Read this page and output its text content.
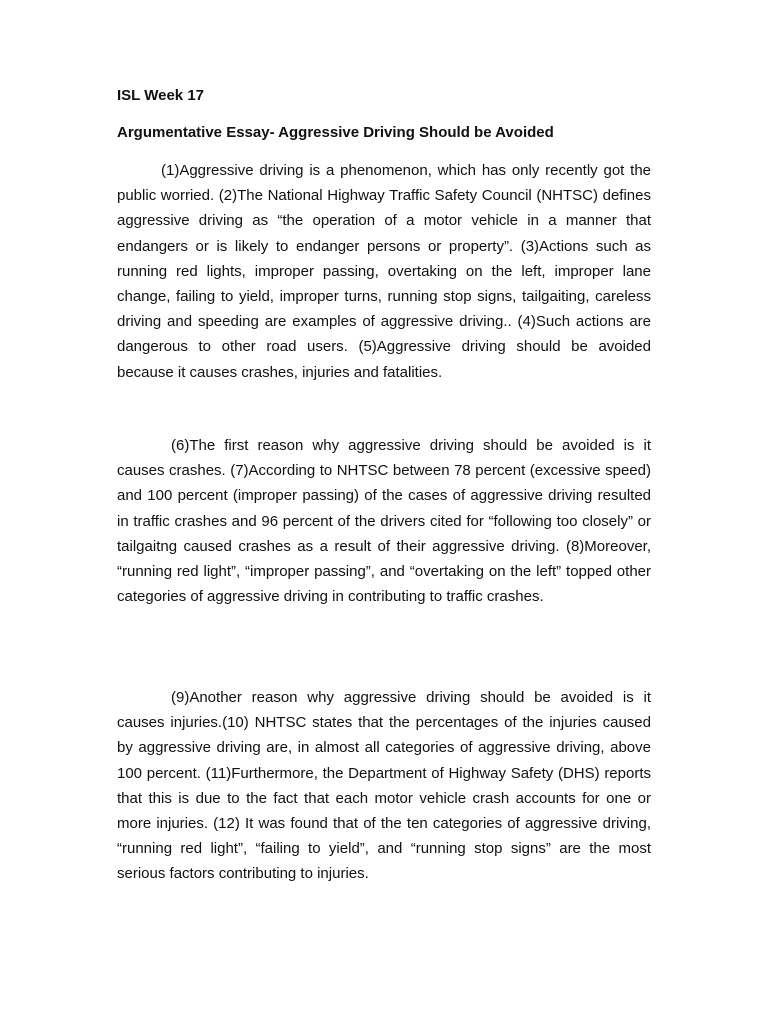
ISL Week 17

Argumentative Essay- Aggressive Driving Should be Avoided

(1)Aggressive driving is a phenomenon, which has only recently got the public worried. (2)The National Highway Traffic Safety Council (NHTSC) defines aggressive driving as “the operation of a motor vehicle in a manner that endangers or is likely to endanger persons or property”. (3)Actions such as running red lights, improper passing, overtaking on the left, improper lane change, failing to yield, improper turns, running stop signs, tailgaiting, careless driving and speeding are examples of aggressive driving.. (4)Such actions are dangerous to other road users. (5)Aggressive driving should be avoided because it causes crashes, injuries and fatalities.

(6)The first reason why aggressive driving should be avoided is it causes crashes. (7)According to NHTSC between 78 percent (excessive speed) and 100 percent (improper passing) of the cases of aggressive driving resulted in traffic crashes and 96 percent of the drivers cited for “following too closely” or tailgaitng caused crashes as a result of their aggressive driving. (8)Moreover, “running red light”, “improper passing”, and “overtaking on the left” topped other categories of aggressive driving in contributing to traffic crashes.

(9)Another reason why aggressive driving should be avoided is it causes injuries.(10) NHTSC states that the percentages of the injuries caused by aggressive driving are, in almost all categories of aggressive driving, above 100 percent. (11)Furthermore, the Department of Highway Safety (DHS) reports that this is due to the fact that each motor vehicle crash accounts for one or more injuries. (12) It was found that of the ten categories of aggressive driving, “running red light”, “failing to yield”, and “running stop signs” are the most serious factors contributing to injuries.
